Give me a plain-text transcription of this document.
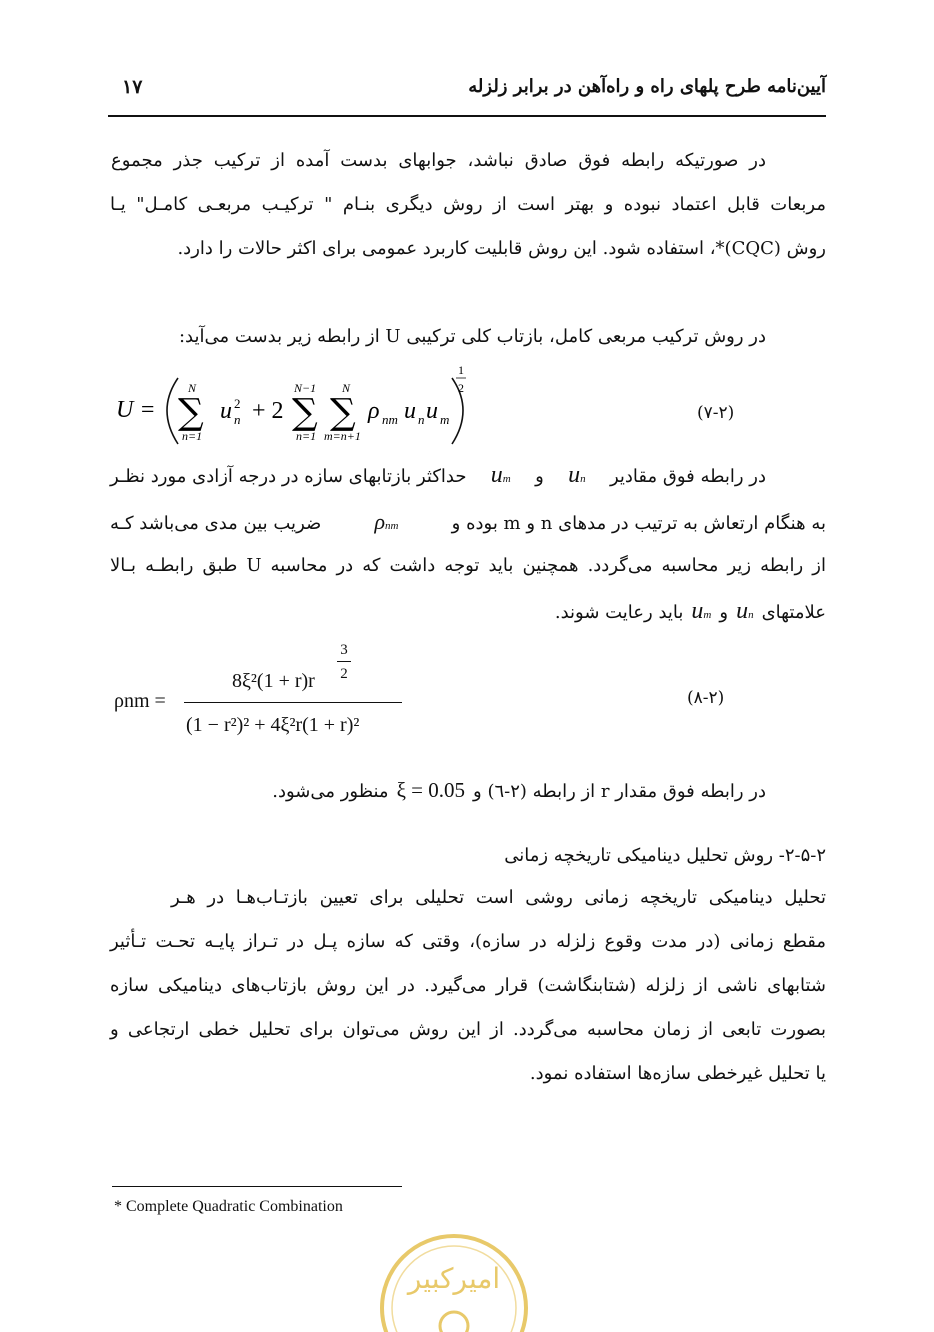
آیین‌نامه طرح پلهای راه و راه‌آهن در برابر زلزله
۱۷
در صورتیکه رابطه فوق صادق نباشد، جوابهای بدست آمده از ترکیب جذر مجموع
مربعات قابل اعتماد نبوده و بهتر است از روش دیگری بنـام " ترکیـب مربعـی کامـل" یـا
روش (CQC)*، استفاده شود. این روش قابلیت کاربرد عمومی برای اکثر حالات را دارد.
در روش ترکیب مربعی کامل، بازتاب کلی ترکیبی U از رابطه زیر بدست می‌آید:
U = ∑
N
n=1
u 2
n + 2 ∑
N−1
n=1
∑
N
m=n+1
ρ nm u n u m
1
2
(۷-۲)
در رابطه فوق مقادیر
un
و
um
حداکثر بازتابهای سازه در درجه آزادی مورد نظـر
به هنگام ارتعاش به ترتیب در مدهای n و m بوده و
ρnm
ضریب بین مدی می‌باشد کـه
از رابطه زیر محاسبه می‌گردد. همچنین باید توجه داشت که در محاسبه U طبق رابطـه بـالا
علامتهای
un
و
um
باید رعایت شوند.
ρnm =
8ξ²(1 + r)r
3
2
(1 − r²)² + 4ξ²r(1 + r)²
(۸-۲)
در رابطه فوق مقدار r از رابطه (۲-٦) و
ξ = 0.05
منظور می‌شود.
۲-۵-۲- روش تحلیل دینامیکی تاریخچه زمانی
تحلیل دینامیکی تاریخچه زمانی روشی است تحلیلی برای تعیین بازتـاب‌هـا در هـر
مقطع زمانی (در مدت وقوع زلزله در سازه)، وقتی که سازه پـل در تـراز پایـه تحـت تـأثیر
شتابهای ناشی از زلزله (شتابنگاشت) قرار می‌گیرد. در این روش بازتاب‌های دینامیکی سازه
بصورت تابعی از زمان محاسبه می‌گردد. از این روش می‌توان برای تحلیل خطی ارتجاعی و
یا تحلیل غیرخطی سازه‌ها استفاده نمود.
* Complete Quadratic Combination
امیرکبیر
